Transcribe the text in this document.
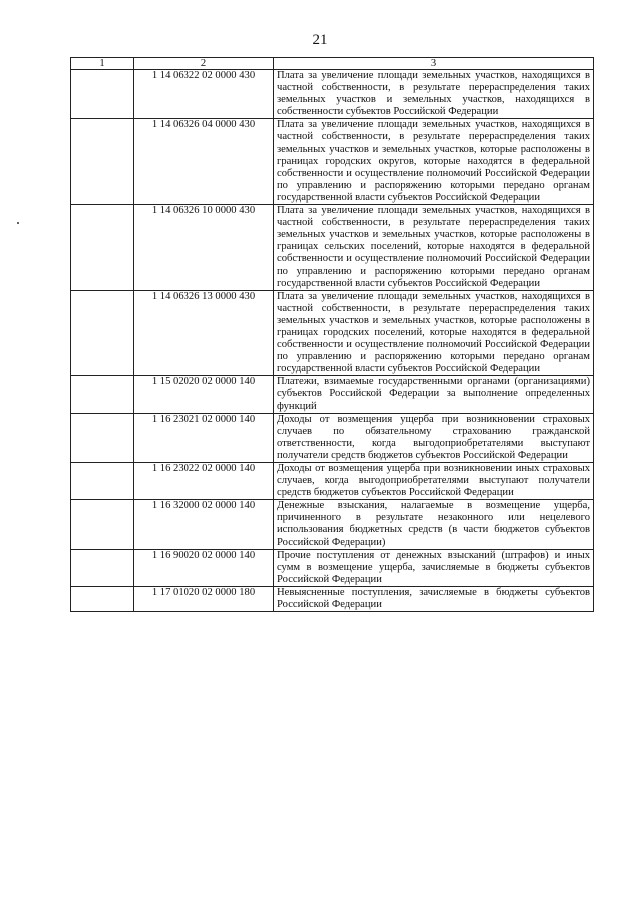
21
1	2	3
	1 14 06322 02 0000 430	Плата за увеличение площади земельных участков, находящихся в частной собственности, в результате перераспределения таких земельных участков и земельных участков, находящихся в собственности субъектов Российской Федерации
	1 14 06326 04 0000 430	Плата за увеличение площади земельных участков, находящихся в частной собственности, в результате перераспределения таких земельных участков и земельных участков, которые расположены в границах городских округов, которые находятся в федеральной собственности и осуществление полномочий Российской Федерации по управлению и распоряжению которыми передано органам государственной власти субъектов Российской Федерации
	1 14 06326 10 0000 430	Плата за увеличение площади земельных участков, находящихся в частной собственности, в результате перераспределения таких земельных участков и земельных участков, которые расположены в границах сельских поселений, которые находятся в федеральной собственности и осуществление полномочий Российской Федерации по управлению и распоряжению которыми передано органам государственной власти субъектов Российской Федерации
	1 14 06326 13 0000 430	Плата за увеличение площади земельных участков, находящихся в частной собственности, в результате перераспределения таких земельных участков и земельных участков, которые расположены в границах городских поселений, которые находятся в федеральной собственности и осуществление полномочий Российской Федерации по управлению и распоряжению которыми передано органам государственной власти субъектов Российской Федерации
	1 15 02020 02 0000 140	Платежи, взимаемые государственными органами (организациями) субъектов Российской Федерации за выполнение определенных функций
	1 16 23021 02 0000 140	Доходы от возмещения ущерба при возникновении страховых случаев по обязательному страхованию гражданской ответственности, когда выгодоприобретателями выступают получатели средств бюджетов субъектов Российской Федерации
	1 16 23022 02 0000 140	Доходы от возмещения ущерба при возникновении иных страховых случаев, когда выгодоприобретателями выступают получатели средств бюджетов субъектов Российской Федерации
	1 16 32000 02 0000 140	Денежные взыскания, налагаемые в возмещение ущерба, причиненного в результате незаконного или нецелевого использования бюджетных средств (в части бюджетов субъектов Российской Федерации)
	1 16 90020 02 0000 140	Прочие поступления от денежных взысканий (штрафов) и иных сумм в возмещение ущерба, зачисляемые в бюджеты субъектов Российской Федерации
	1 17 01020 02 0000 180	Невыясненные поступления, зачисляемые в бюджеты субъектов Российской Федерации
